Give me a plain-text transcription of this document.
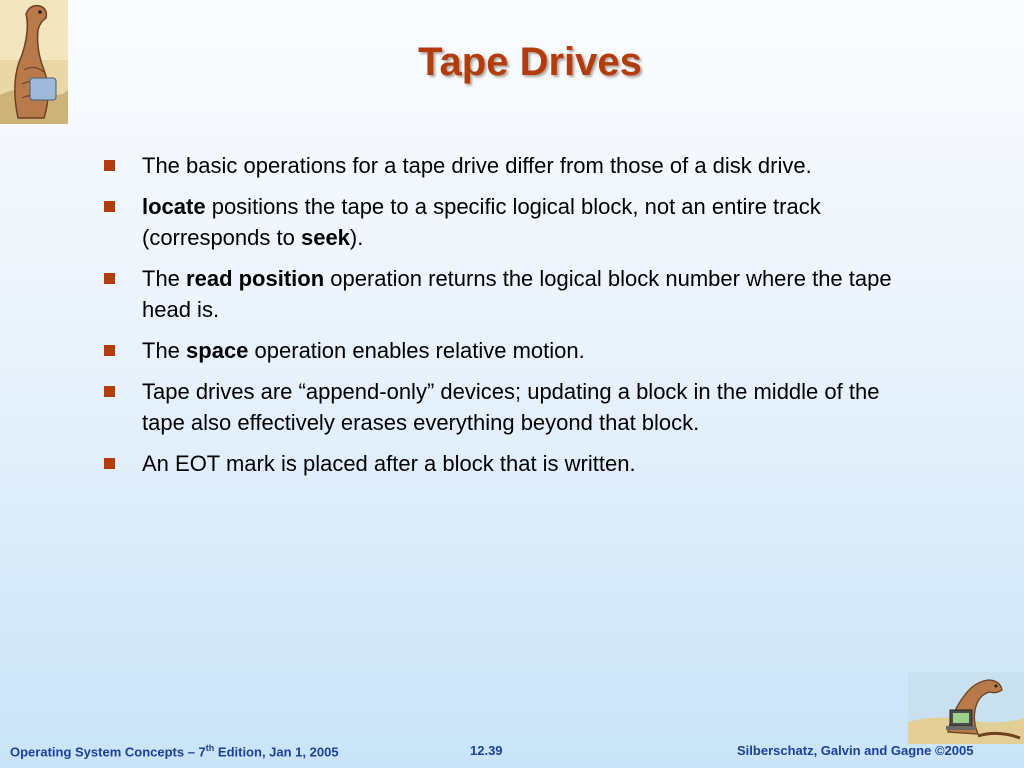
Tape Drives
The basic operations for a tape drive differ from those of a disk drive.
locate positions the tape to a specific logical block, not an entire track (corresponds to seek).
The read position operation returns the logical block number where the tape head is.
The space operation enables relative motion.
Tape drives are “append-only” devices; updating a block in the middle of the tape also effectively erases everything beyond that block.
An EOT mark is placed after a block that is written.
Operating System Concepts – 7th Edition, Jan 1, 2005	12.39	Silberschatz, Galvin and Gagne ©2005
